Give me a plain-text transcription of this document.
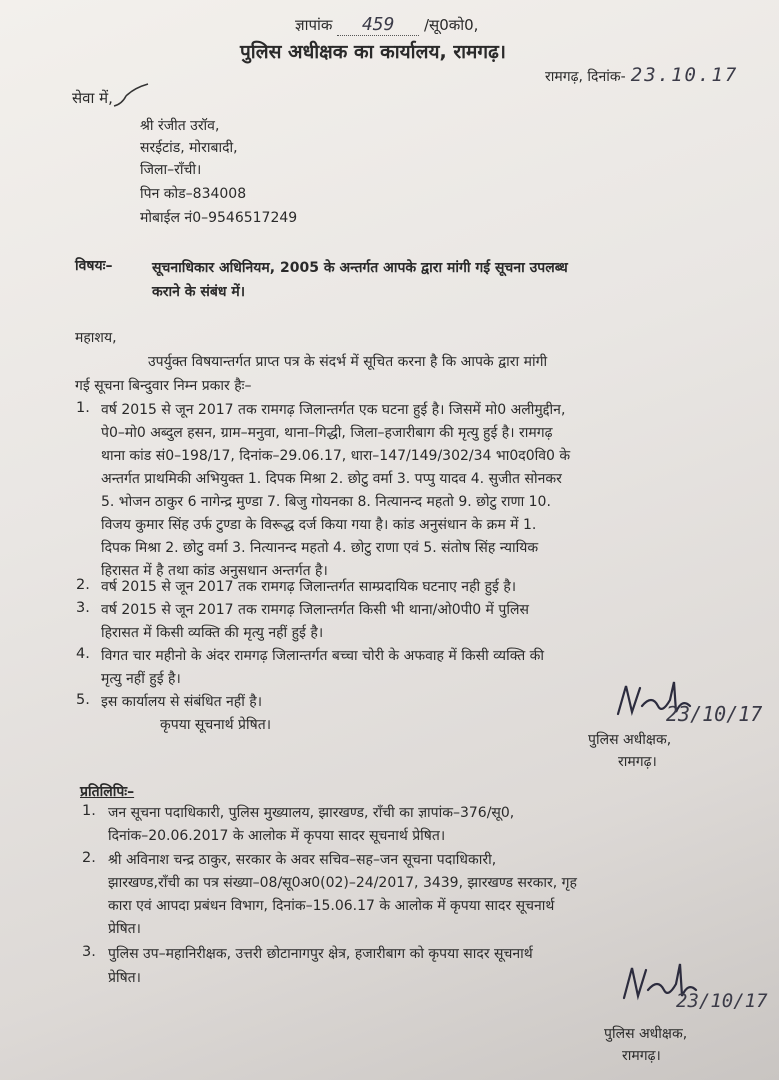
ज्ञापांक 459 /सू0को0,
पुलिस अधीक्षक का कार्यालय, रामगढ़।
रामगढ़, दिनांक- 23.10.17
सेवा में,
श्री रंजीत उरॉव,
सरईटांड, मोराबादी,
जिला–राँची।
पिन कोड–834008
मोबाईल नं0–9546517249
विषयः–	सूचनाधिकार अधिनियम, 2005 के अन्तर्गत आपके द्वारा मांगी गई सूचना उपलब्ध
कराने के संबंध में।
महाशय,
उपर्युक्त विषयान्तर्गत प्राप्त पत्र के संदर्भ में सूचित करना है कि आपके द्वारा मांगी
गई सूचना बिन्दुवार निम्न प्रकार हैः–
1. वर्ष 2015 से जून 2017 तक रामगढ़ जिलान्तर्गत एक घटना हुई है। जिसमें मो0 अलीमुद्दीन,
पे0–मो0 अब्दुल हसन, ग्राम–मनुवा, थाना–गिद्धी, जिला–हजारीबाग की मृत्यु हुई है। रामगढ़
थाना कांड सं0–198/17, दिनांक–29.06.17, धारा–147/149/302/34 भा0द0वि0 के
अन्तर्गत प्राथमिकी अभियुक्त 1. दिपक मिश्रा 2. छोटु वर्मा 3. पप्पु यादव 4. सुजीत सोनकर
5. भोजन ठाकुर 6 नागेन्द्र मुण्डा 7. बिजु गोयनका 8. नित्यानन्द महतो 9. छोटु राणा 10.
विजय कुमार सिंह उर्फ टुण्डा के विरूद्ध दर्ज किया गया है। कांड अनुसंधान के क्रम में 1.
दिपक मिश्रा 2. छोटु वर्मा 3. नित्यानन्द महतो 4. छोटु राणा एवं 5. संतोष सिंह न्यायिक
हिरासत में है तथा कांड अनुसधान अन्तर्गत है।
2. वर्ष 2015 से जून 2017 तक रामगढ़ जिलान्तर्गत साम्प्रदायिक घटनाए नही हुई है।
3. वर्ष 2015 से जून 2017 तक रामगढ़ जिलान्तर्गत किसी भी थाना/ओ0पी0 में पुलिस
हिरासत में किसी व्यक्ति की मृत्यु नहीं हुई है।
4. विगत चार महीनो के अंदर रामगढ़ जिलान्तर्गत बच्चा चोरी के अफवाह में किसी व्यक्ति की
मृत्यु नहीं हुई है।
5. इस कार्यालय से संबंधित नहीं है।
कृपया सूचनार्थ प्रेषित।	23/10/17
पुलिस अधीक्षक,
रामगढ़।
प्रतिलिपिः–
1. जन सूचना पदाधिकारी, पुलिस मुख्यालय, झारखण्ड, राँची का ज्ञापांक–376/सू0,
दिनांक–20.06.2017 के आलोक में कृपया सादर सूचनार्थ प्रेषित।
2. श्री अविनाश चन्द्र ठाकुर, सरकार के अवर सचिव–सह–जन सूचना पदाधिकारी,
झारखण्ड,राँची का पत्र संख्या–08/सू0अ0(02)–24/2017, 3439, झारखण्ड सरकार, गृह
कारा एवं आपदा प्रबंधन विभाग, दिनांक–15.06.17 के आलोक में कृपया सादर सूचनार्थ
प्रेषित।
3. पुलिस उप–महानिरीक्षक, उत्तरी छोटानागपुर क्षेत्र, हजारीबाग को कृपया सादर सूचनार्थ
प्रेषित।
23/10/17
पुलिस अधीक्षक,
रामगढ़।
